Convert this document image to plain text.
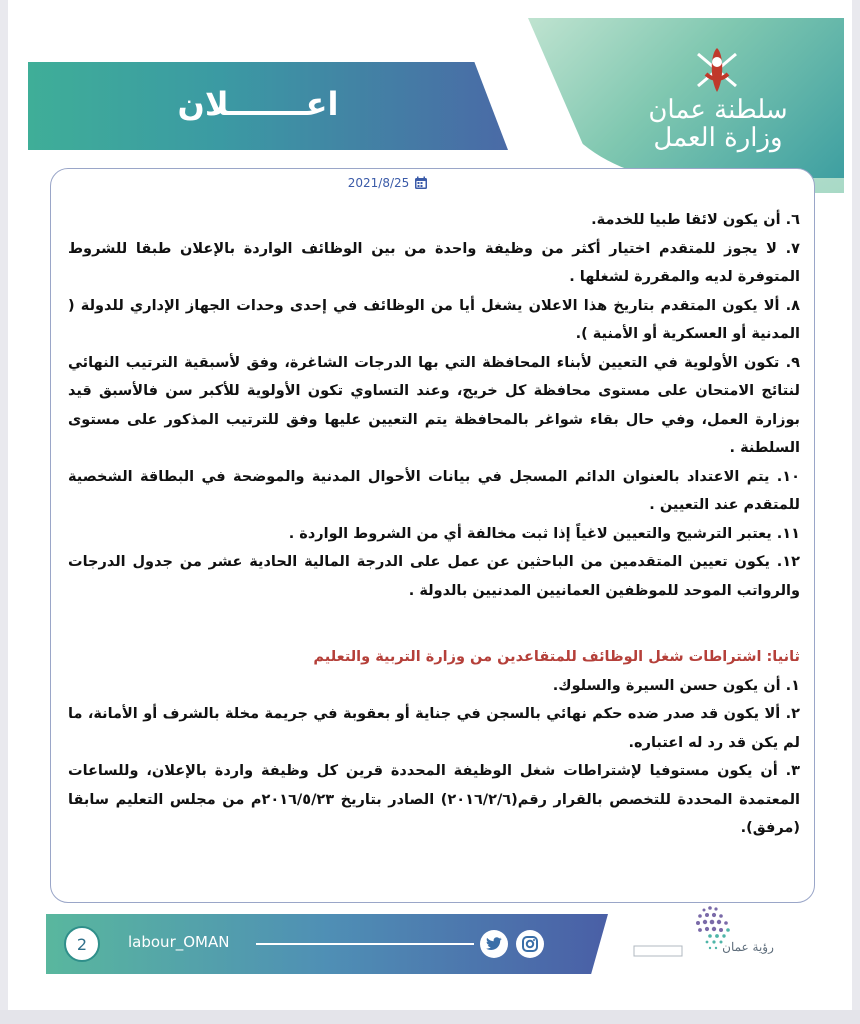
سلطنة عمان
وزارة العمل
اعـــــــلان
2021/8/25

٦. أن يكون لائقا طبيا للخدمة.

٧. لا يجوز للمتقدم اختيار أكثر من وظيفة واحدة من بين الوظائف الواردة بالإعلان طبقا للشروط المتوفرة لديه والمقررة لشغلها .

٨. ألا يكون المتقدم بتاريخ هذا الاعلان يشغل أيا من الوظائف في إحدى وحدات الجهاز الإداري للدولة ( المدنية أو العسكرية أو الأمنية ).

٩. تكون الأولوية في التعيين لأبناء المحافظة التي بها الدرجات الشاغرة، وفق لأسبقية الترتيب النهائي لنتائج الامتحان على مستوى محافظة كل خريج، وعند التساوي تكون الأولوية للأكبر سن فالأسبق قيد بوزارة العمل، وفي حال بقاء شواغر بالمحافظة يتم التعيين عليها وفق للترتيب المذكور على مستوى السلطنة .

١٠. يتم الاعتداد بالعنوان الدائم المسجل في بيانات الأحوال المدنية والموضحة في البطاقة الشخصية للمتقدم عند التعيين .

١١. يعتبر الترشيح والتعيين لاغياً إذا ثبت مخالفة أي من الشروط الواردة .

١٢. يكون تعيين المتقدمين من الباحثين عن عمل على الدرجة المالية الحادية عشر من جدول الدرجات والرواتب الموحد للموظفين العمانيين المدنيين بالدولة .

ثانيا: اشتراطات شغل الوظائف للمتقاعدين من وزارة التربية والتعليم

١. أن يكون حسن السيرة والسلوك.

٢. ألا يكون قد صدر ضده حكم نهائي بالسجن في جناية أو بعقوبة في جريمة مخلة بالشرف أو الأمانة، ما لم يكن قد رد له اعتباره.

٣. أن يكون مستوفيا لإشتراطات شغل الوظيفة المحددة قرين كل وظيفة واردة بالإعلان، وللساعات المعتمدة المحددة للتخصص بالقرار رقم(٢٠١٦/٢/٦) الصادر بتاريخ ٢٠١٦/٥/٢٣م من مجلس التعليم سابقا (مرفق).

2	labour_OMAN	رؤية عمان
